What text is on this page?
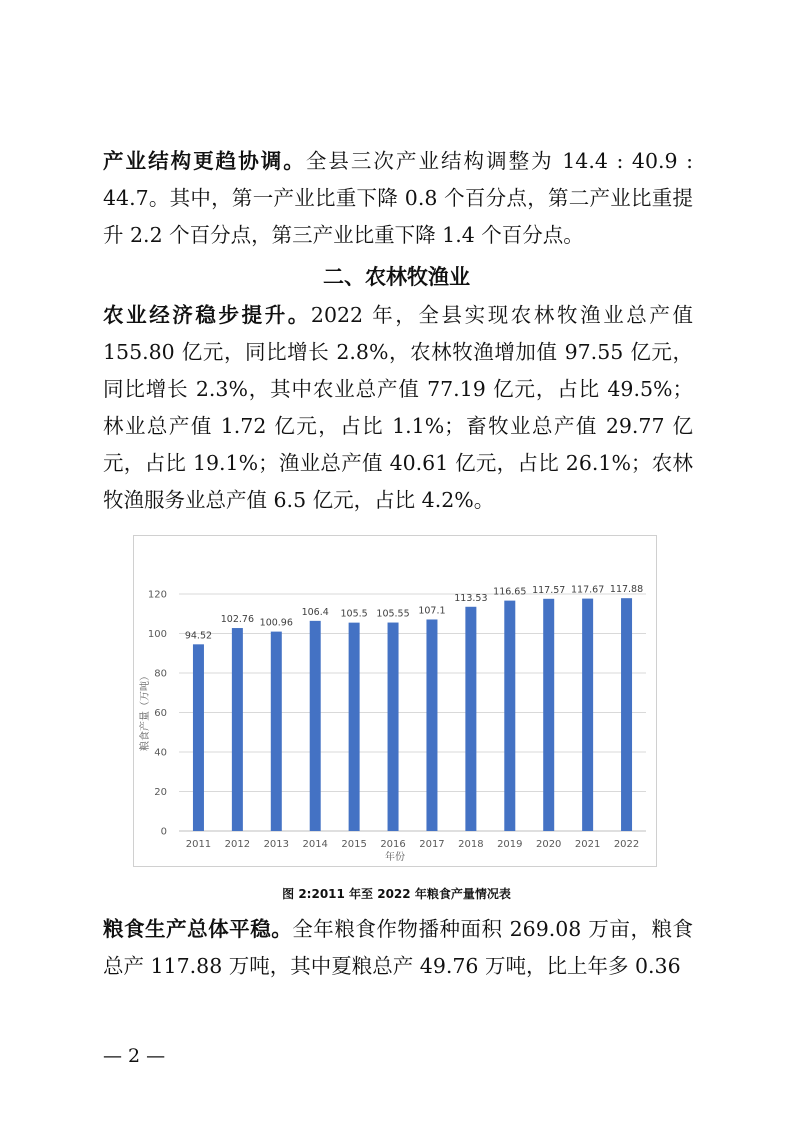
产业结构更趋协调。全县三次产业结构调整为 14.4 : 40.9 : 44.7。其中，第一产业比重下降 0.8 个百分点，第二产业比重提升 2.2 个百分点，第三产业比重下降 1.4 个百分点。

二、农林牧渔业

农业经济稳步提升。2022 年，全县实现农林牧渔业总产值 155.80 亿元，同比增长 2.8%，农林牧渔增加值 97.55 亿元，同比增长 2.3%，其中农业总产值 77.19 亿元，占比 49.5%；林业总产值 1.72 亿元，占比 1.1%；畜牧业总产值 29.77 亿元，占比 19.1%；渔业总产值 40.61 亿元，占比 26.1%；农林牧渔服务业总产值 6.5 亿元，占比 4.2%。

0
20
40
60
80
100
120
94.52
102.76 100.96
106.4 105.5 105.55 107.1
113.53
116.65 117.57 117.67 117.88
2011 2012 2013 2014 2015 2016 2017 2018 2019 2020 2021 2022
年份
粮食产量（万吨）
图 2:2011 年至 2022 年粮食产量情况表

粮食生产总体平稳。全年粮食作物播种面积 269.08 万亩，粮食总产 117.88 万吨，其中夏粮总产 49.76 万吨，比上年多 0.36

— 2 —
